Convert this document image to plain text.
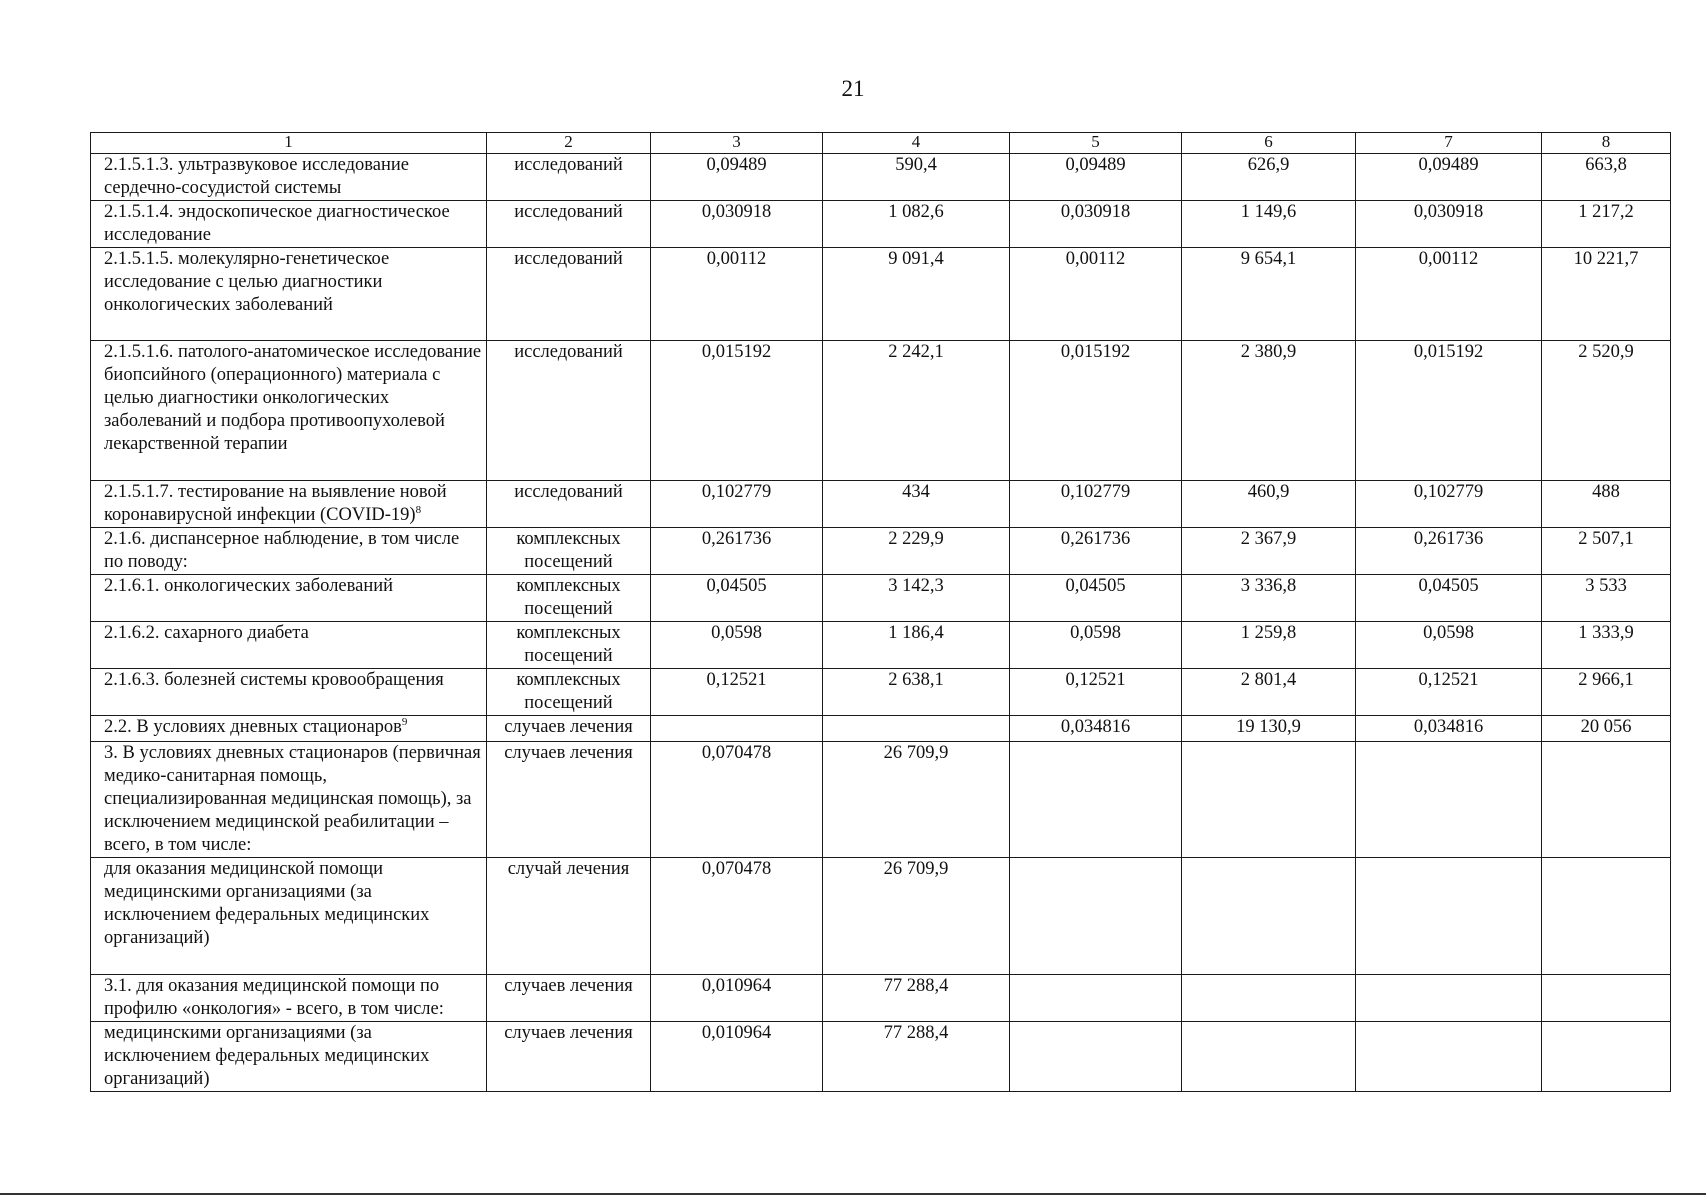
21
1	2	3	4	5	6	7	8
2.1.5.1.3. ультразвуковое исследование сердечно-сосудистой системы	исследований	0,09489	590,4	0,09489	626,9	0,09489	663,8
2.1.5.1.4. эндоскопическое диагностическое исследование	исследований	0,030918	1 082,6	0,030918	1 149,6	0,030918	1 217,2
2.1.5.1.5. молекулярно-генетическое исследование с целью диагностики онкологических заболеваний	исследований	0,00112	9 091,4	0,00112	9 654,1	0,00112	10 221,7
2.1.5.1.6. патолого-анатомическое исследование биопсийного (операционного) материала с целью диагностики онкологических заболеваний и подбора противоопухолевой лекарственной терапии	исследований	0,015192	2 242,1	0,015192	2 380,9	0,015192	2 520,9
2.1.5.1.7. тестирование на выявление новой коронавирусной инфекции (COVID-19)$^8$	исследований	0,102779	434	0,102779	460,9	0,102779	488
2.1.6. диспансерное наблюдение, в том числе по поводу:	комплексных посещений	0,261736	2 229,9	0,261736	2 367,9	0,261736	2 507,1
2.1.6.1. онкологических заболеваний	комплексных посещений	0,04505	3 142,3	0,04505	3 336,8	0,04505	3 533
2.1.6.2. сахарного диабета	комплексных посещений	0,0598	1 186,4	0,0598	1 259,8	0,0598	1 333,9
2.1.6.3. болезней системы кровообращения	комплексных посещений	0,12521	2 638,1	0,12521	2 801,4	0,12521	2 966,1
2.2. В условиях дневных стационаров$^9$	случаев лечения			0,034816	19 130,9	0,034816	20 056
3. В условиях дневных стационаров (первичная медико-санитарная помощь, специализированная медицинская помощь), за исключением медицинской реабилитации – всего, в том числе:	случаев лечения	0,070478	26 709,9				
для оказания медицинской помощи медицинскими организациями (за исключением федеральных медицинских организаций)	случай лечения	0,070478	26 709,9				
3.1. для оказания медицинской помощи по профилю «онкология» - всего, в том числе:	случаев лечения	0,010964	77 288,4				
медицинскими организациями (за исключением федеральных медицинских организаций)	случаев лечения	0,010964	77 288,4				
